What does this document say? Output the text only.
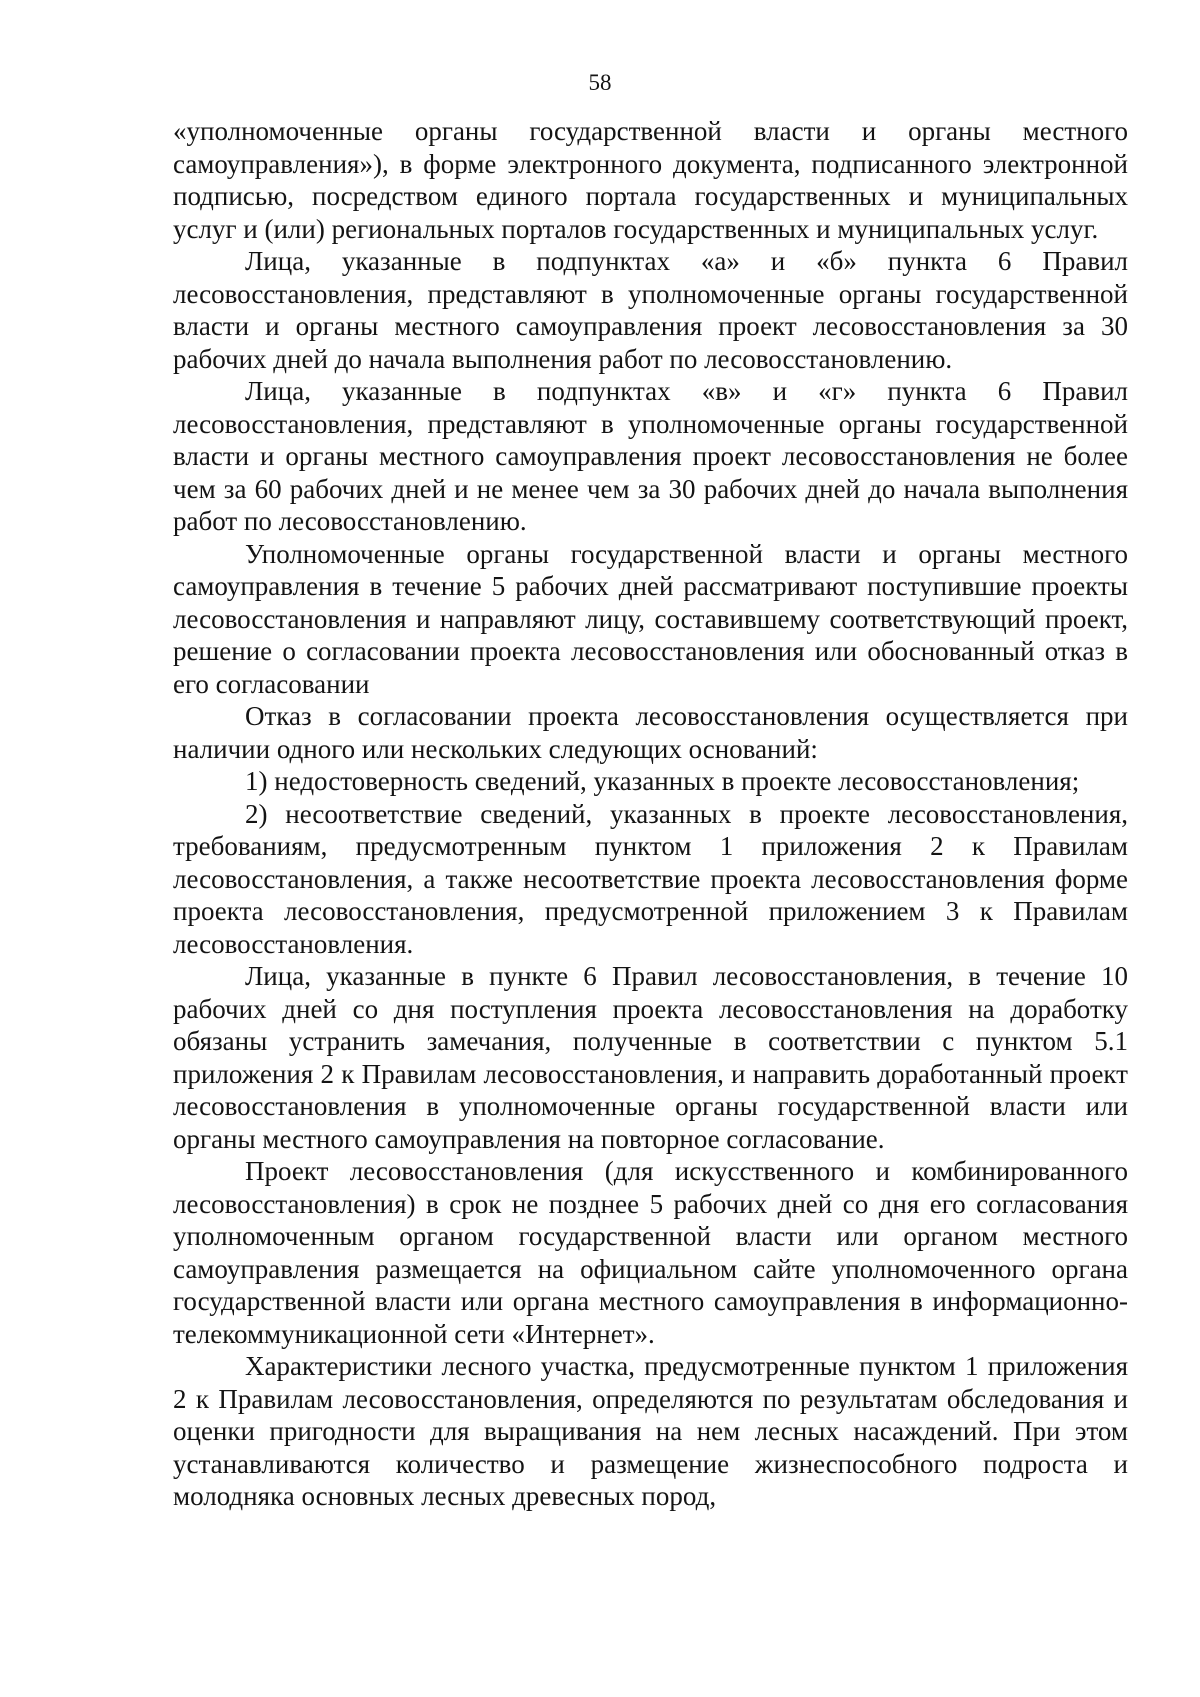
58

«уполномоченные органы государственной власти и органы местного самоуправления»), в форме электронного документа, подписанного электронной подписью, посредством единого портала государственных и муниципальных услуг и (или) региональных порталов государственных и муниципальных услуг.

Лица, указанные в подпунктах «а» и «б» пункта 6 Правил лесовосстановления, представляют в уполномоченные органы государственной власти и органы местного самоуправления проект лесовосстановления за 30 рабочих дней до начала выполнения работ по лесовосстановлению.

Лица, указанные в подпунктах «в» и «г» пункта 6 Правил лесовосстановления, представляют в уполномоченные органы государственной власти и органы местного самоуправления проект лесовосстановления не более чем за 60 рабочих дней и не менее чем за 30 рабочих дней до начала выполнения работ по лесовосстановлению.

Уполномоченные органы государственной власти и органы местного самоуправления в течение 5 рабочих дней рассматривают поступившие проекты лесовосстановления и направляют лицу, составившему соответствующий проект, решение о согласовании проекта лесовосстановления или обоснованный отказ в его согласовании

Отказ в согласовании проекта лесовосстановления осуществляется при наличии одного или нескольких следующих оснований:

1) недостоверность сведений, указанных в проекте лесовосстановления;

2) несоответствие сведений, указанных в проекте лесовосстановления, требованиям, предусмотренным пунктом 1 приложения 2 к Правилам лесовосстановления, а также несоответствие проекта лесовосстановления форме проекта лесовосстановления, предусмотренной приложением 3 к Правилам лесовосстановления.

Лица, указанные в пункте 6 Правил лесовосстановления, в течение 10 рабочих дней со дня поступления проекта лесовосстановления на доработку обязаны устранить замечания, полученные в соответствии с пунктом 5.1 приложения 2 к Правилам лесовосстановления, и направить доработанный проект лесовосстановления в уполномоченные органы государственной власти или органы местного самоуправления на повторное согласование.

Проект лесовосстановления (для искусственного и комбинированного лесовосстановления) в срок не позднее 5 рабочих дней со дня его согласования уполномоченным органом государственной власти или органом местного самоуправления размещается на официальном сайте уполномоченного органа государственной власти или органа местного самоуправления в информационно-телекоммуникационной сети «Интернет».

Характеристики лесного участка, предусмотренные пунктом 1 приложения 2 к Правилам лесовосстановления, определяются по результатам обследования и оценки пригодности для выращивания на нем лесных насаждений. При этом устанавливаются количество и размещение жизнеспособного подроста и молодняка основных лесных древесных пород,
